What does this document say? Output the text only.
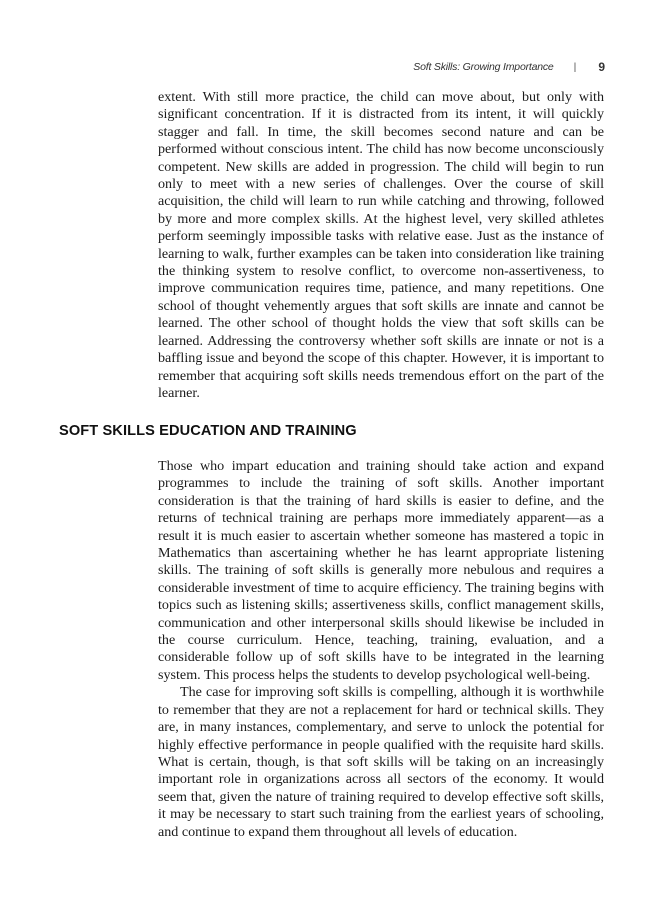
Soft Skills: Growing Importance | 9

extent. With still more practice, the child can move about, but only with significant concentration. If it is distracted from its intent, it will quickly stagger and fall. In time, the skill becomes second nature and can be performed without conscious intent. The child has now become unconsciously competent. New skills are added in progression. The child will begin to run only to meet with a new series of challenges. Over the course of skill acquisition, the child will learn to run while catching and throwing, followed by more and more complex skills. At the highest level, very skilled athletes perform seemingly impossible tasks with relative ease. Just as the instance of learning to walk, further examples can be taken into consideration like training the thinking system to resolve conflict, to overcome non-assertiveness, to improve communication requires time, patience, and many repetitions. One school of thought vehemently argues that soft skills are innate and cannot be learned. The other school of thought holds the view that soft skills can be learned. Addressing the controversy whether soft skills are innate or not is a baffling issue and beyond the scope of this chapter. However, it is important to remember that acquiring soft skills needs tremendous effort on the part of the learner.

SOFT SKILLS EDUCATION AND TRAINING

Those who impart education and training should take action and expand programmes to include the training of soft skills. Another important consideration is that the training of hard skills is easier to define, and the returns of technical training are perhaps more immediately apparent—as a result it is much easier to ascertain whether someone has mastered a topic in Mathematics than ascertaining whether he has learnt appropriate listening skills. The training of soft skills is generally more nebulous and requires a considerable investment of time to acquire efficiency. The training begins with topics such as listening skills; assertiveness skills, conflict management skills, communication and other interpersonal skills should likewise be included in the course curriculum. Hence, teaching, training, evaluation, and a considerable follow up of soft skills have to be integrated in the learning system. This process helps the students to develop psychological well-being.

The case for improving soft skills is compelling, although it is worthwhile to remember that they are not a replacement for hard or technical skills. They are, in many instances, complementary, and serve to unlock the potential for highly effective performance in people qualified with the requisite hard skills. What is certain, though, is that soft skills will be taking on an increasingly important role in organizations across all sectors of the economy. It would seem that, given the nature of training required to develop effective soft skills, it may be necessary to start such training from the earliest years of schooling, and continue to expand them throughout all levels of education.
